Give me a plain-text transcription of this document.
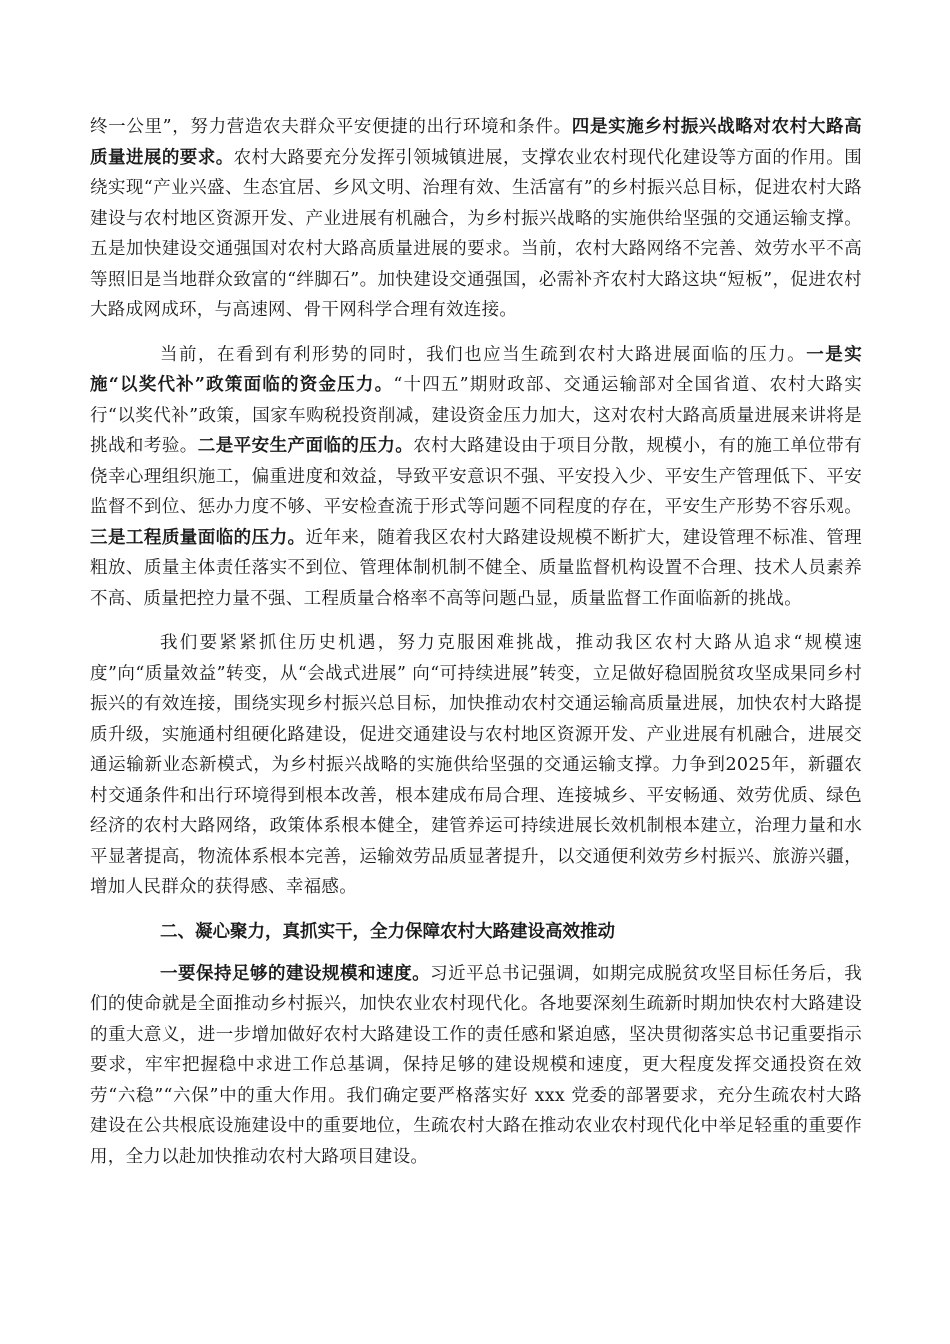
终一公里”，努力营造农夫群众平安便捷的出行环境和条件。四是实施乡村振兴战略对农村大路高质量进展的要求。农村大路要充分发挥引领城镇进展，支撑农业农村现代化建设等方面的作用。围绕实现“产业兴盛、生态宜居、乡风文明、治理有效、生活富有”的乡村振兴总目标，促进农村大路建设与农村地区资源开发、产业进展有机融合，为乡村振兴战略的实施供给坚强的交通运输支撑。五是加快建设交通强国对农村大路高质量进展的要求。当前，农村大路网络不完善、效劳水平不高等照旧是当地群众致富的“绊脚石”。加快建设交通强国，必需补齐农村大路这块“短板”，促进农村大路成网成环，与高速网、骨干网科学合理有效连接。

当前，在看到有利形势的同时，我们也应当生疏到农村大路进展面临的压力。一是实施“以奖代补”政策面临的资金压力。“十四五”期财政部、交通运输部对全国省道、农村大路实行“以奖代补”政策，国家车购税投资削减，建设资金压力加大，这对农村大路高质量进展来讲将是挑战和考验。二是平安生产面临的压力。农村大路建设由于项目分散，规模小，有的施工单位带有侥幸心理组织施工，偏重进度和效益，导致平安意识不强、平安投入少、平安生产管理低下、平安监督不到位、惩办力度不够、平安检查流于形式等问题不同程度的存在，平安生产形势不容乐观。三是工程质量面临的压力。近年来，随着我区农村大路建设规模不断扩大，建设管理不标准、管理粗放、质量主体责任落实不到位、管理体制机制不健全、质量监督机构设置不合理、技术人员素养不高、质量把控力量不强、工程质量合格率不高等问题凸显，质量监督工作面临新的挑战。

我们要紧紧抓住历史机遇，努力克服困难挑战，推动我区农村大路从追求“规模速度”向“质量效益”转变，从“会战式进展” 向“可持续进展”转变，立足做好稳固脱贫攻坚成果同乡村振兴的有效连接，围绕实现乡村振兴总目标，加快推动农村交通运输高质量进展，加快农村大路提质升级，实施通村组硬化路建设，促进交通建设与农村地区资源开发、产业进展有机融合，进展交通运输新业态新模式，为乡村振兴战略的实施供给坚强的交通运输支撑。力争到2025年，新疆农村交通条件和出行环境得到根本改善，根本建成布局合理、连接城乡、平安畅通、效劳优质、绿色经济的农村大路网络，政策体系根本健全，建管养运可持续进展长效机制根本建立，治理力量和水平显著提高，物流体系根本完善，运输效劳品质显著提升，以交通便利效劳乡村振兴、旅游兴疆，增加人民群众的获得感、幸福感。

二、凝心聚力，真抓实干，全力保障农村大路建设高效推动

一要保持足够的建设规模和速度。习近平总书记强调，如期完成脱贫攻坚目标任务后，我们的使命就是全面推动乡村振兴，加快农业农村现代化。各地要深刻生疏新时期加快农村大路建设的重大意义，进一步增加做好农村大路建设工作的责任感和紧迫感，坚决贯彻落实总书记重要指示要求，牢牢把握稳中求进工作总基调，保持足够的建设规模和速度，更大程度发挥交通投资在效劳“六稳”“六保”中的重大作用。我们确定要严格落实好 xxx 党委的部署要求，充分生疏农村大路建设在公共根底设施建设中的重要地位，生疏农村大路在推动农业农村现代化中举足轻重的重要作用，全力以赴加快推动农村大路项目建设。
